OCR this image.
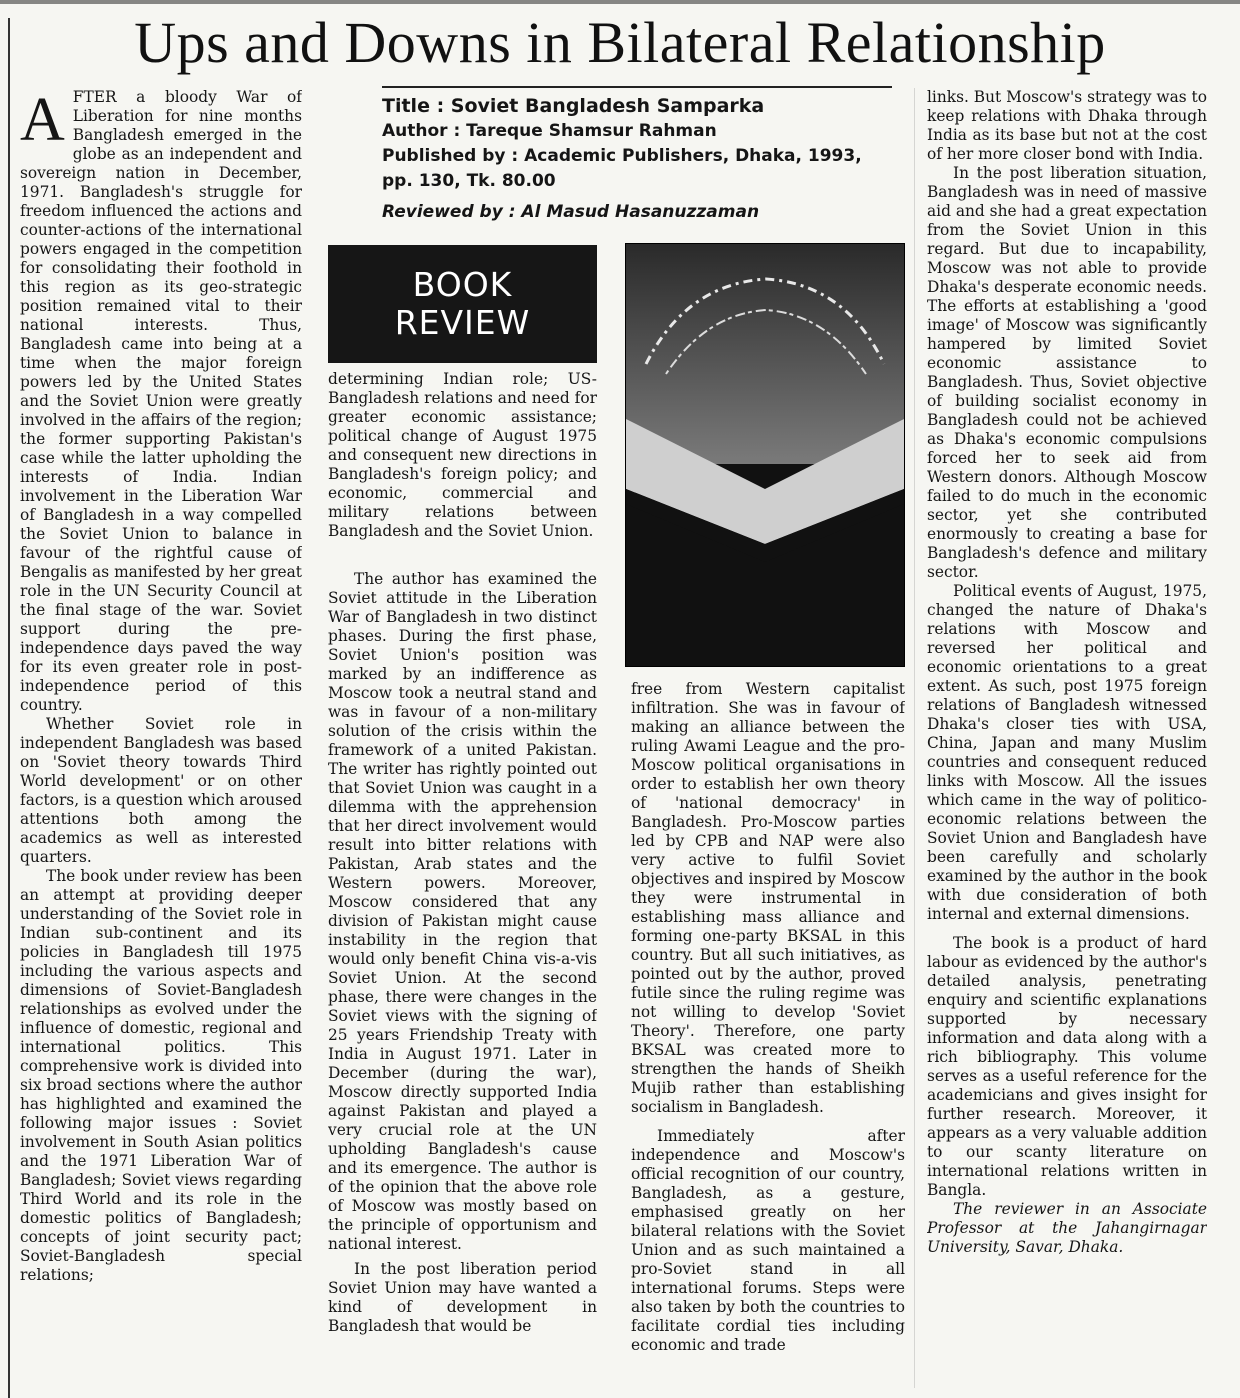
Ups and Downs in Bilateral Relationship
A FTER a bloody War of Liberation for nine months Bangladesh emerged in the globe as an independent and sovereign nation in December, 1971. Bangladesh's struggle for freedom influenced the actions and counter-actions of the international powers engaged in the competition for consolidating their foothold in this region as its geo-strategic position remained vital to their national interests. Thus, Bangladesh came into being at a time when the major foreign powers led by the United States and the Soviet Union were greatly involved in the affairs of the region; the former supporting Pakistan's case while the latter upholding the interests of India. Indian involvement in the Liberation War of Bangladesh in a way compelled the Soviet Union to balance in favour of the rightful cause of Bengalis as manifested by her great role in the UN Security Council at the final stage of the war. Soviet support during the pre-independence days paved the way for its even greater role in post-independence period of this country.

Whether Soviet role in independent Bangladesh was based on 'Soviet theory towards Third World development' or on other factors, is a question which aroused attentions both among the academics as well as interested quarters.

The book under review has been an attempt at providing deeper understanding of the Soviet role in Indian sub-continent and its policies in Bangladesh till 1975 including the various aspects and dimensions of Soviet-Bangladesh relationships as evolved under the influence of domestic, regional and international politics. This comprehensive work is divided into six broad sections where the author has highlighted and examined the following major issues : Soviet involvement in South Asian politics and the 1971 Liberation War of Bangladesh; Soviet views regarding Third World and its role in the domestic politics of Bangladesh; concepts of joint security pact; Soviet-Bangladesh special relations;

Title : Soviet Bangladesh Samparka

Author : Tareque Shamsur Rahman

Published by : Academic Publishers, Dhaka, 1993,

pp. 130, Tk. 80.00

Reviewed by : Al Masud Hasanuzzaman

BOOK
REVIEW

determining Indian role; US-Bangladesh relations and need for greater economic assistance; political change of August 1975 and consequent new directions in Bangladesh's foreign policy; and economic, commercial and military relations between Bangladesh and the Soviet Union.

The author has examined the Soviet attitude in the Liberation War of Bangladesh in two distinct phases. During the first phase, Soviet Union's position was marked by an indifference as Moscow took a neutral stand and was in favour of a non-military solution of the crisis within the framework of a united Pakistan. The writer has rightly pointed out that Soviet Union was caught in a dilemma with the apprehension that her direct involvement would result into bitter relations with Pakistan, Arab states and the Western powers. Moreover, Moscow considered that any division of Pakistan might cause instability in the region that would only benefit China vis-a-vis Soviet Union. At the second phase, there were changes in the Soviet views with the signing of 25 years Friendship Treaty with India in August 1971. Later in December (during the war), Moscow directly supported India against Pakistan and played a very crucial role at the UN upholding Bangladesh's cause and its emergence. The author is of the opinion that the above role of Moscow was mostly based on the principle of opportunism and national interest.

In the post liberation period Soviet Union may have wanted a kind of development in Bangladesh that would be

free from Western capitalist infiltration. She was in favour of making an alliance between the ruling Awami League and the pro-Moscow political organisations in order to establish her own theory of 'national democracy' in Bangladesh. Pro-Moscow parties led by CPB and NAP were also very active to fulfil Soviet objectives and inspired by Moscow they were instrumental in establishing mass alliance and forming one-party BKSAL in this country. But all such initiatives, as pointed out by the author, proved futile since the ruling regime was not willing to develop 'Soviet Theory'. Therefore, one party BKSAL was created more to strengthen the hands of Sheikh Mujib rather than establishing socialism in Bangladesh.

Immediately after independence and Moscow's official recognition of our country, Bangladesh, as a gesture, emphasised greatly on her bilateral relations with the Soviet Union and as such maintained a pro-Soviet stand in all international forums. Steps were also taken by both the countries to facilitate cordial ties including economic and trade

links. But Moscow's strategy was to keep relations with Dhaka through India as its base but not at the cost of her more closer bond with India.

In the post liberation situation, Bangladesh was in need of massive aid and she had a great expectation from the Soviet Union in this regard. But due to incapability, Moscow was not able to provide Dhaka's desperate economic needs. The efforts at establishing a 'good image' of Moscow was significantly hampered by limited Soviet economic assistance to Bangladesh. Thus, Soviet objective of building socialist economy in Bangladesh could not be achieved as Dhaka's economic compulsions forced her to seek aid from Western donors. Although Moscow failed to do much in the economic sector, yet she contributed enormously to creating a base for Bangladesh's defence and military sector.

Political events of August, 1975, changed the nature of Dhaka's relations with Moscow and reversed her political and economic orientations to a great extent. As such, post 1975 foreign relations of Bangladesh witnessed Dhaka's closer ties with USA, China, Japan and many Muslim countries and consequent reduced links with Moscow. All the issues which came in the way of politico-economic relations between the Soviet Union and Bangladesh have been carefully and scholarly examined by the author in the book with due consideration of both internal and external dimensions.

The book is a product of hard labour as evidenced by the author's detailed analysis, penetrating enquiry and scientific explanations supported by necessary information and data along with a rich bibliography. This volume serves as a useful reference for the academicians and gives insight for further research. Moreover, it appears as a very valuable addition to our scanty literature on international relations written in Bangla.

The reviewer in an Associate Professor at the Jahangirnagar University, Savar, Dhaka.
